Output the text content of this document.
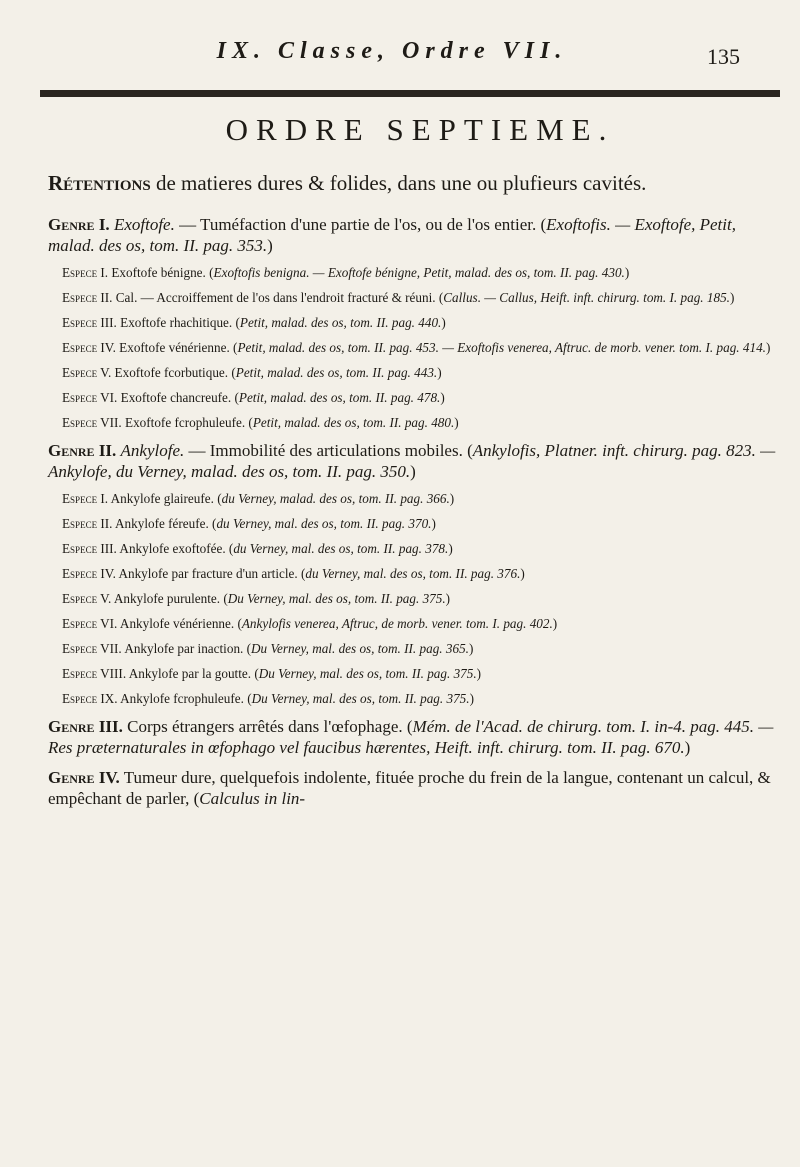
IX. Classe, Ordre VII.	135
ORDRE SEPTIEME.

Rétentions de matieres dures & folides, dans une ou plufieurs cavités.

Genre I. Exoftofe. — Tuméfaction d'une partie de l'os, ou de l'os entier. (Exoftofis. — Exoftofe, Petit, malad. des os, tom. II. pag. 353.)

Espece I. Exoftofe bénigne. (Exoftofis benigna. — Exoftofe bénigne, Petit, malad. des os, tom. II. pag. 430.)

Espece II. Cal. — Accroiffement de l'os dans l'endroit fracturé & réuni. (Callus. — Callus, Heift. inft. chirurg. tom. I. pag. 185.)

Espece III. Exoftofe rhachitique. (Petit, malad. des os, tom. II. pag. 440.)

Espece IV. Exoftofe vénérienne. (Petit, malad. des os, tom. II. pag. 453. — Exoftofis venerea, Aftruc. de morb. vener. tom. I. pag. 414.)

Espece V. Exoftofe fcorbutique. (Petit, malad. des os, tom. II. pag. 443.)

Espece VI. Exoftofe chancreufe. (Petit, malad. des os, tom. II. pag. 478.)

Espece VII. Exoftofe fcrophuleufe. (Petit, malad. des os, tom. II. pag. 480.)

Genre II. Ankylofe. — Immobilité des articulations mobiles. (Ankylofis, Platner. inft. chirurg. pag. 823. — Ankylofe, du Verney, malad. des os, tom. II. pag. 350.)

Espece I. Ankylofe glaireufe. (du Verney, malad. des os, tom. II. pag. 366.)

Espece II. Ankylofe féreufe. (du Verney, mal. des os, tom. II. pag. 370.)

Espece III. Ankylofe exoftofée. (du Verney, mal. des os, tom. II. pag. 378.)

Espece IV. Ankylofe par fracture d'un article. (du Verney, mal. des os, tom. II. pag. 376.)

Espece V. Ankylofe purulente. (Du Verney, mal. des os, tom. II. pag. 375.)

Espece VI. Ankylofe vénérienne. (Ankylofis venerea, Aftruc, de morb. vener. tom. I. pag. 402.)

Espece VII. Ankylofe par inaction. (Du Verney, mal. des os, tom. II. pag. 365.)

Espece VIII. Ankylofe par la goutte. (Du Verney, mal. des os, tom. II. pag. 375.)

Espece IX. Ankylofe fcrophuleufe. (Du Verney, mal. des os, tom. II. pag. 375.)

Genre III. Corps étrangers arrêtés dans l'œfophage. (Mém. de l'Acad. de chirurg. tom. I. in-4. pag. 445. — Res præternaturales in œfophago vel faucibus hærentes, Heift. inft. chirurg. tom. II. pag. 670.)

Genre IV. Tumeur dure, quelquefois indolente, fituée proche du frein de la langue, contenant un calcul, & empêchant de parler, (Calculus in lin-
